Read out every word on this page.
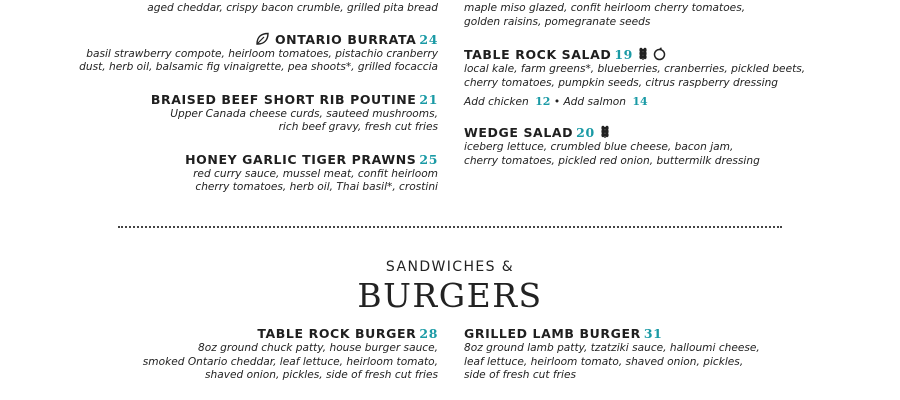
aged cheddar, crispy bacon crumble, grilled pita bread
ONTARIO BURRATA 24
basil strawberry compote, heirloom tomatoes, pistachio cranberry
dust, herb oil, balsamic fig vinaigrette, pea shoots*, grilled focaccia
BRAISED BEEF SHORT RIB POUTINE 21
Upper Canada cheese curds, sauteed mushrooms,
rich beef gravy, fresh cut fries
HONEY GARLIC TIGER PRAWNS 25
red curry sauce, mussel meat, confit heirloom
cherry tomatoes, herb oil, Thai basil*, crostini
maple miso glazed, confit heirloom cherry tomatoes,
golden raisins, pomegranate seeds
TABLE ROCK SALAD 19
local kale, farm greens*, blueberries, cranberries, pickled beets,
cherry tomatoes, pumpkin seeds, citrus raspberry dressing
Add chicken 12 • Add salmon 14
WEDGE SALAD 20
iceberg lettuce, crumbled blue cheese, bacon jam,
cherry tomatoes, pickled red onion, buttermilk dressing
SANDWICHES &
BURGERS
TABLE ROCK BURGER 28
8oz ground chuck patty, house burger sauce,
smoked Ontario cheddar, leaf lettuce, heirloom tomato,
shaved onion, pickles, side of fresh cut fries
GRILLED LAMB BURGER 31
8oz ground lamb patty, tzatziki sauce, halloumi cheese,
leaf lettuce, heirloom tomato, shaved onion, pickles,
side of fresh cut fries
